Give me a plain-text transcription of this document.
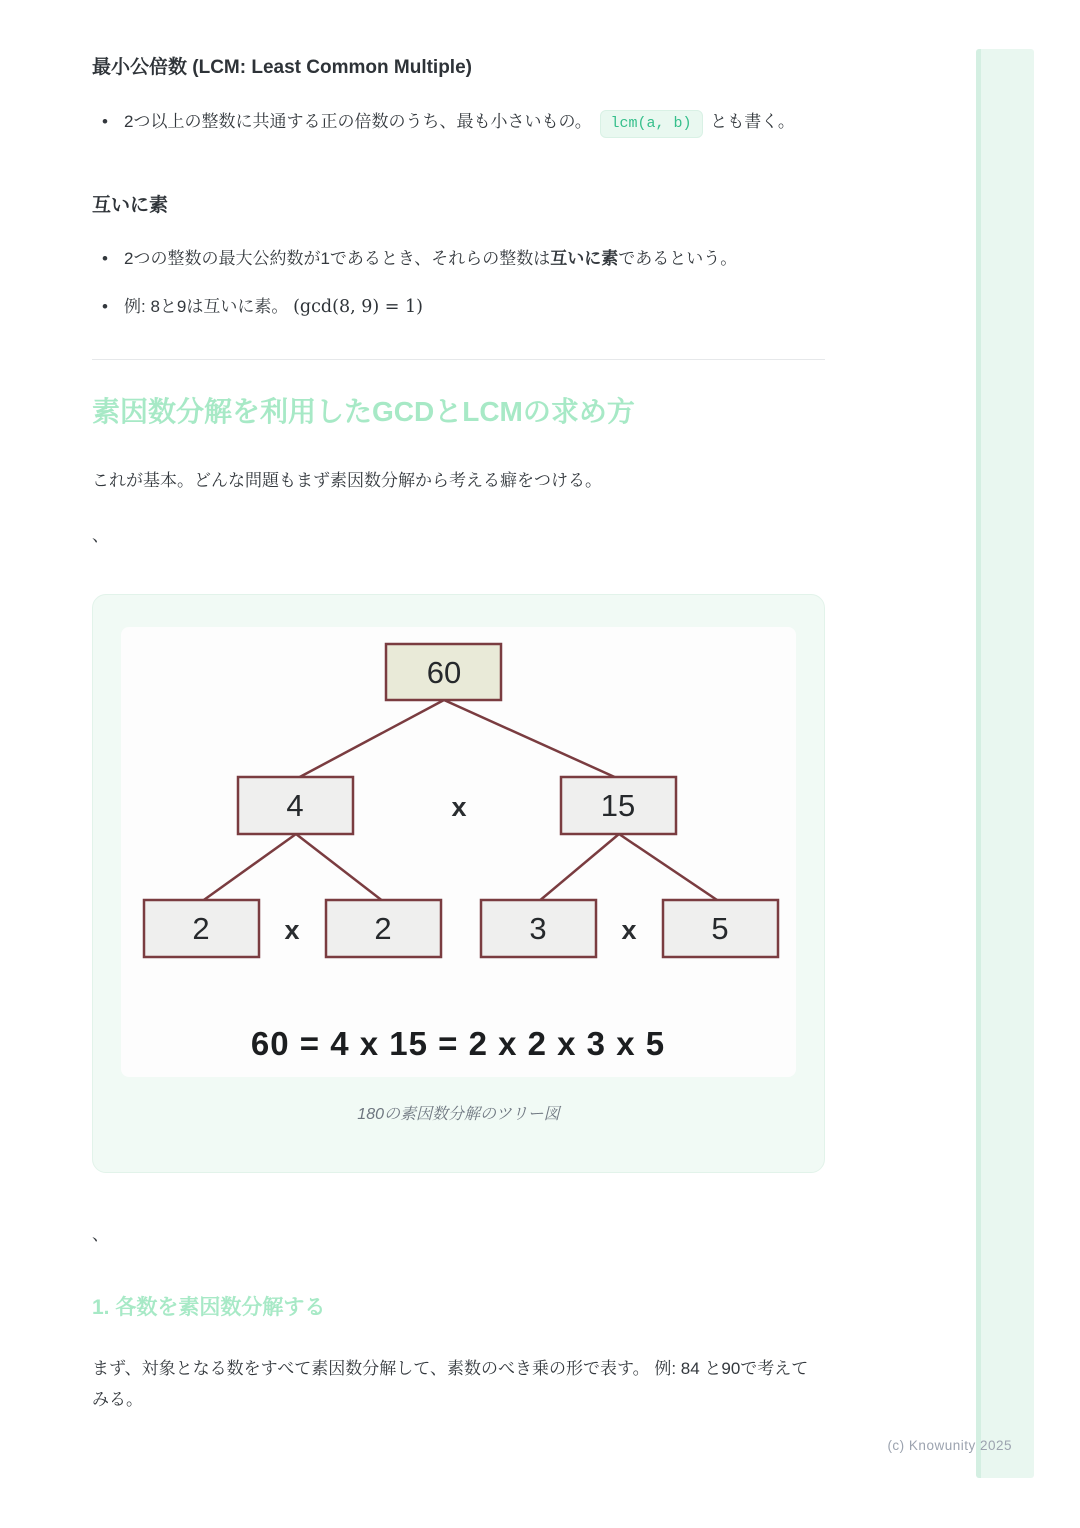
最小公倍数 (LCM: Least Common Multiple)
• 2つ以上の整数に共通する正の倍数のうち、最も小さいもの。 lcm(a, b) とも書く。
互いに素
• 2つの整数の最大公約数が1であるとき、それらの整数は互いに素であるという。
• 例: 8と9は互いに素。 (gcd(8, 9) = 1)
素因数分解を利用したGCDとLCMの求め方

これが基本。どんな問題もまず素因数分解から考える癖をつける。

、

60
4	15
2	2	3	5
x
x	x
60 = 4 x 15 = 2 x 2 x 3 x 5
180の素因数分解のツリー図

、

1. 各数を素因数分解する

まず、対象となる数をすべて素因数分解して、素数のべき乗の形で表す。 例: 84 と90で考えてみる。

(c) Knowunity 2025
